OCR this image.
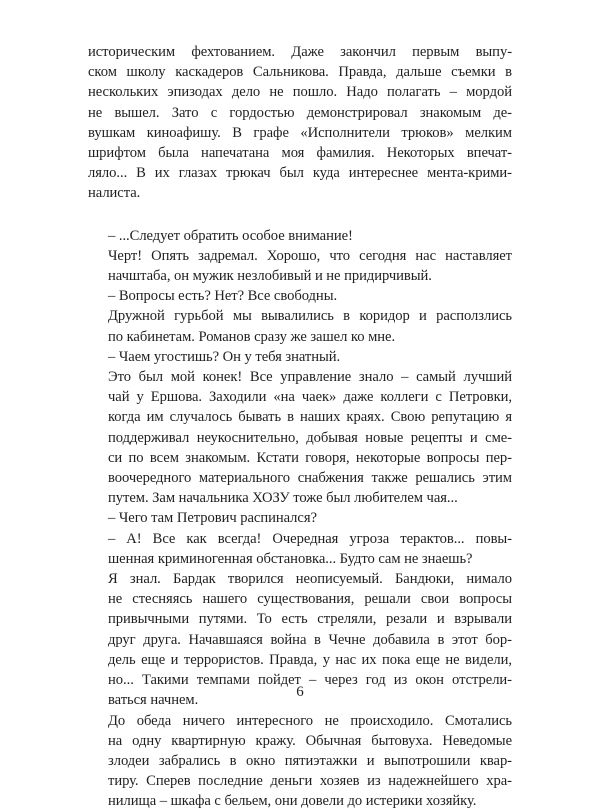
историческим фехтованием. Даже закончил первым выпу-
ском школу каскадеров Сальникова. Правда, дальше съемки в
нескольких эпизодах дело не пошло. Надо полагать – мордой
не вышел. Зато с гордостью демонстрировал знакомым де-
вушкам киноафишу. В графе «Исполнители трюков» мелким
шрифтом была напечатана моя фамилия. Некоторых впечат-
ляло... В их глазах трюкач был куда интереснее мента-крими-
налиста.
– ...Следует обратить особое внимание!
Черт! Опять задремал. Хорошо, что сегодня нас наставляет
начштаба, он мужик незлобивый и не придирчивый.
– Вопросы есть? Нет? Все свободны.
Дружной гурьбой мы вывалились в коридор и расползлись
по кабинетам. Романов сразу же зашел ко мне.
– Чаем угостишь? Он у тебя знатный.
Это был мой конек! Все управление знало – самый лучший
чай у Ершова. Заходили «на чаек» даже коллеги с Петровки,
когда им случалось бывать в наших краях. Свою репутацию я
поддерживал неукоснительно, добывая новые рецепты и сме-
си по всем знакомым. Кстати говоря, некоторые вопросы пер-
воочередного материального снабжения также решались этим
путем. Зам начальника ХОЗУ тоже был любителем чая...
– Чего там Петрович распинался?
– А! Все как всегда! Очередная угроза терактов... повы-
шенная криминогенная обстановка... Будто сам не знаешь?
Я знал. Бардак творился неописуемый. Бандюки, нимало
не стесняясь нашего существования, решали свои вопросы
привычными путями. То есть стреляли, резали и взрывали
друг друга. Начавшаяся война в Чечне добавила в этот бор-
дель еще и террористов. Правда, у нас их пока еще не видели,
но... Такими темпами пойдет – через год из окон отстрели-
ваться начнем.
До обеда ничего интересного не происходило. Смотались
на одну квартирную кражу. Обычная бытовуха. Неведомые
злодеи забрались в окно пятиэтажки и выпотрошили квар-
тиру. Сперев последние деньги хозяев из надежнейшего хра-
нилища – шкафа с бельем, они довели до истерики хозяйку.
6
